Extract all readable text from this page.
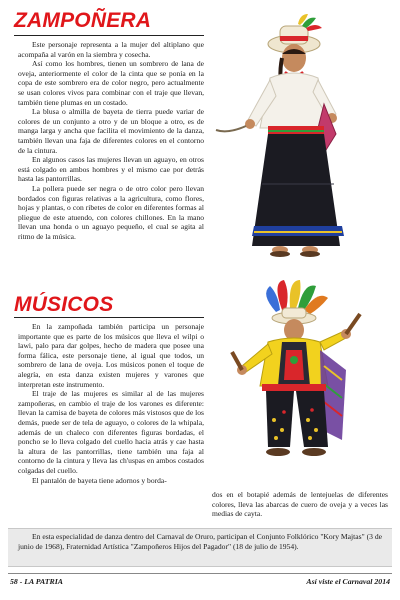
ZAMPOÑERA

Este personaje representa a la mujer del altiplano que acompaña al varón en la siembra y cosecha.

Así como los hombres, tienen un sombrero de lana de oveja, anteriormente el color de la cinta que se ponía en la copa de este sombrero era de color negro, pero actualmente se usan colores vivos para combinar con el traje que llevan, también tiene plumas en un costado.

La blusa o almilla de bayeta de tierra puede variar de colores de un conjunto a otro y de un bloque a otro, es de manga larga y ancha que facilita el movimiento de la danza, también llevan una faja de diferentes colores en el contorno de la cintura.

En algunos casos las mujeres llevan un aguayo, en otros está colgado en ambos hombres y el mismo cae por detrás hasta las pantorrillas.

La pollera puede ser negra o de otro color pero llevan bordados con figuras relativas a la agricultura, como flores, hojas y plantas, o con ribetes de color en diferentes formas al pliegue de este atuendo, con colores chillones. En la mano llevan una honda o un aguayo pequeño, el cual se agita al ritmo de la música.

MÚSICOS

En la zampoñada también participa un personaje importante que es parte de los músicos que lleva el wilpi o lawi, palo para dar golpes, hecho de madera que posee una forma fálica, este personaje tiene, al igual que todos, un sombrero de lana de oveja. Los músicos ponen el toque de alegría, en esta danza existen mujeres y varones que interpretan este instrumento.

El traje de las mujeres es similar al de las mujeres zampoñeras, en cambio el traje de los varones es diferente: llevan la camisa de bayeta de colores más vistosos que de los demás, puede ser de tela de aguayo, o colores de la whipala, además de un chaleco con diferentes figuras bordadas, el poncho se lo lleva colgado del cuello hacia atrás y cae hasta la altura de las pantorrillas, tiene también una faja al contorno de la cintura y lleva las ch'uspas en ambos costados colgadas del cuello.

El pantalón de bayeta tiene adornos y borda-

dos en el botapié además de lentejuelas de diferentes colores, lleva las abarcas de cuero de oveja y a veces las medias de cayta.

En esta especialidad de danza dentro del Carnaval de Oruro, participan el Conjunto Folklórico "Kory Majtas" (3 de junio de 1968), Fraternidad Artística "Zampoñeros Hijos del Pagador" (18 de julio de 1954).

58 - LA PATRIA	Así viste el Carnaval 2014
